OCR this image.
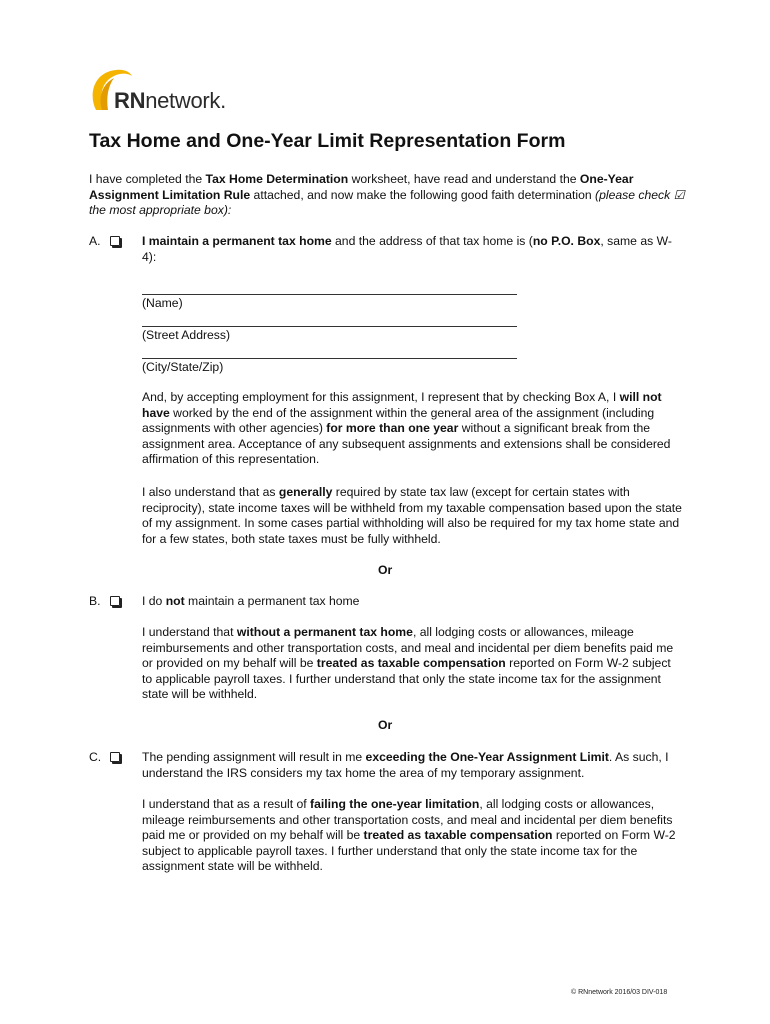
RNnetwork.
Tax Home and One-Year Limit Representation Form

I have completed the Tax Home Determination worksheet, have read and understand the One-Year Assignment Limitation Rule attached, and now make the following good faith determination (please check ☑ the most appropriate box):

A.	I maintain a permanent tax home and the address of that tax home is (no P.O. Box, same as W-4):

(Name)
(Street Address)
(City/State/Zip)

And, by accepting employment for this assignment, I represent that by checking Box A, I will not have worked by the end of the assignment within the general area of the assignment (including assignments with other agencies) for more than one year without a significant break from the assignment area. Acceptance of any subsequent assignments and extensions shall be considered affirmation of this representation.

I also understand that as generally required by state tax law (except for certain states with reciprocity), state income taxes will be withheld from my taxable compensation based upon the state of my assignment. In some cases partial withholding will also be required for my tax home state and for a few states, both state taxes must be fully withheld.

Or
B.	I do not maintain a permanent tax home

I understand that without a permanent tax home, all lodging costs or allowances, mileage reimbursements and other transportation costs, and meal and incidental per diem benefits paid me or provided on my behalf will be treated as taxable compensation reported on Form W-2 subject to applicable payroll taxes. I further understand that only the state income tax for the assignment state will be withheld.

Or
C.	The pending assignment will result in me exceeding the One-Year Assignment Limit. As such, I understand the IRS considers my tax home the area of my temporary assignment.

I understand that as a result of failing the one-year limitation, all lodging costs or allowances, mileage reimbursements and other transportation costs, and meal and incidental per diem benefits paid me or provided on my behalf will be treated as taxable compensation reported on Form W-2 subject to applicable payroll taxes. I further understand that only the state income tax for the assignment state will be withheld.

© RNnetwork 2016/03 DIV-018
